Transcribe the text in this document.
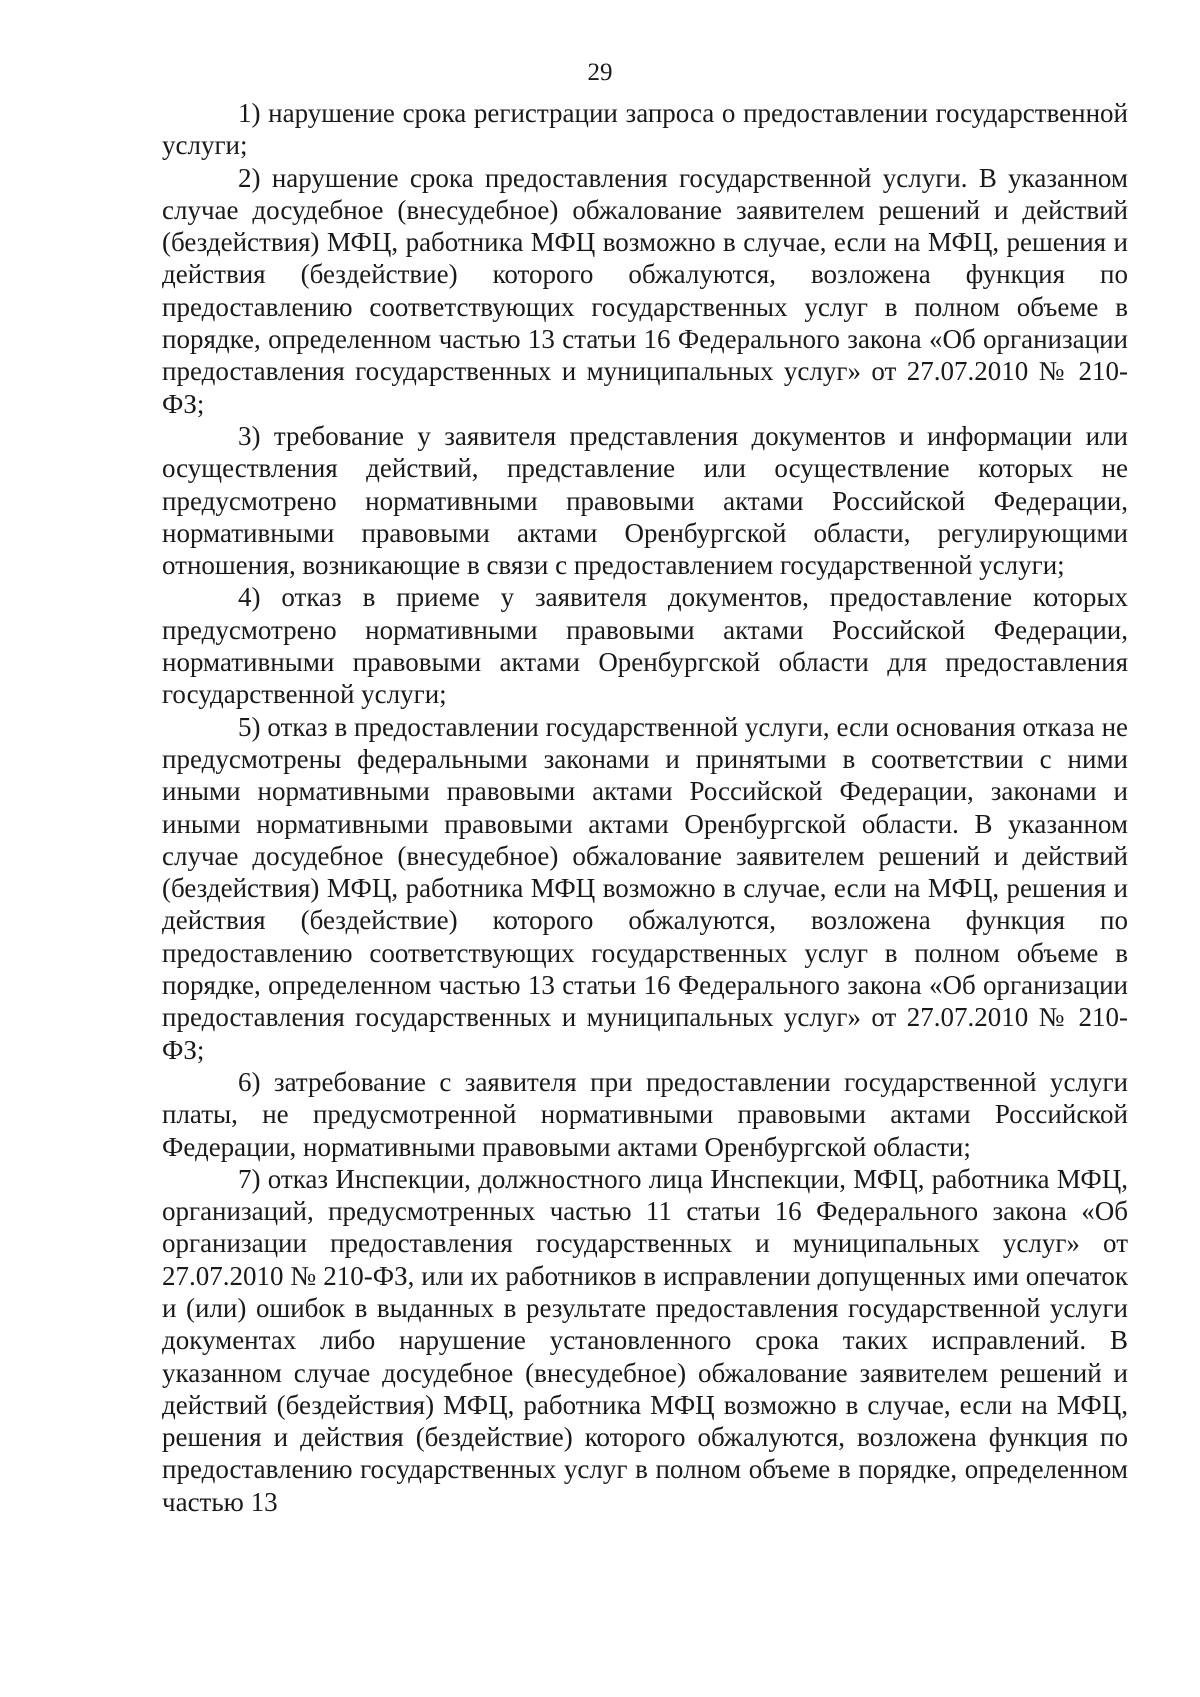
29

1) нарушение срока регистрации запроса о предоставлении государственной услуги;

2) нарушение срока предоставления государственной услуги. В указанном случае досудебное (внесудебное) обжалование заявителем решений и действий (бездействия) МФЦ, работника МФЦ возможно в случае, если на МФЦ, решения и действия (бездействие) которого обжалуются, возложена функция по предоставлению соответствующих государственных услуг в полном объеме в порядке, определенном частью 13 статьи 16 Федерального закона «Об организации предоставления государственных и муниципальных услуг» от 27.07.2010 № 210-ФЗ;

3) требование у заявителя представления документов и информации или осуществления действий, представление или осуществление которых не предусмотрено нормативными правовыми актами Российской Федерации, нормативными правовыми актами Оренбургской области, регулирующими отношения, возникающие в связи с предоставлением государственной услуги;

4) отказ в приеме у заявителя документов, предоставление которых предусмотрено нормативными правовыми актами Российской Федерации, нормативными правовыми актами Оренбургской области для предоставления государственной услуги;

5) отказ в предоставлении государственной услуги, если основания отказа не предусмотрены федеральными законами и принятыми в соответствии с ними иными нормативными правовыми актами Российской Федерации, законами и иными нормативными правовыми актами Оренбургской области. В указанном случае досудебное (внесудебное) обжалование заявителем решений и действий (бездействия) МФЦ, работника МФЦ возможно в случае, если на МФЦ, решения и действия (бездействие) которого обжалуются, возложена функция по предоставлению соответствующих государственных услуг в полном объеме в порядке, определенном частью 13 статьи 16 Федерального закона «Об организации предоставления государственных и муниципальных услуг» от 27.07.2010 № 210-ФЗ;

6) затребование с заявителя при предоставлении государственной услуги платы, не предусмотренной нормативными правовыми актами Российской Федерации, нормативными правовыми актами Оренбургской области;

7) отказ Инспекции, должностного лица Инспекции, МФЦ, работника МФЦ, организаций, предусмотренных частью 11 статьи 16 Федерального закона «Об организации предоставления государственных и муниципальных услуг» от 27.07.2010 № 210-ФЗ, или их работников в исправлении допущенных ими опечаток и (или) ошибок в выданных в результате предоставления государственной услуги документах либо нарушение установленного срока таких исправлений. В указанном случае досудебное (внесудебное) обжалование заявителем решений и действий (бездействия) МФЦ, работника МФЦ возможно в случае, если на МФЦ, решения и действия (бездействие) которого обжалуются, возложена функция по предоставлению государственных услуг в полном объеме в порядке, определенном частью 13
